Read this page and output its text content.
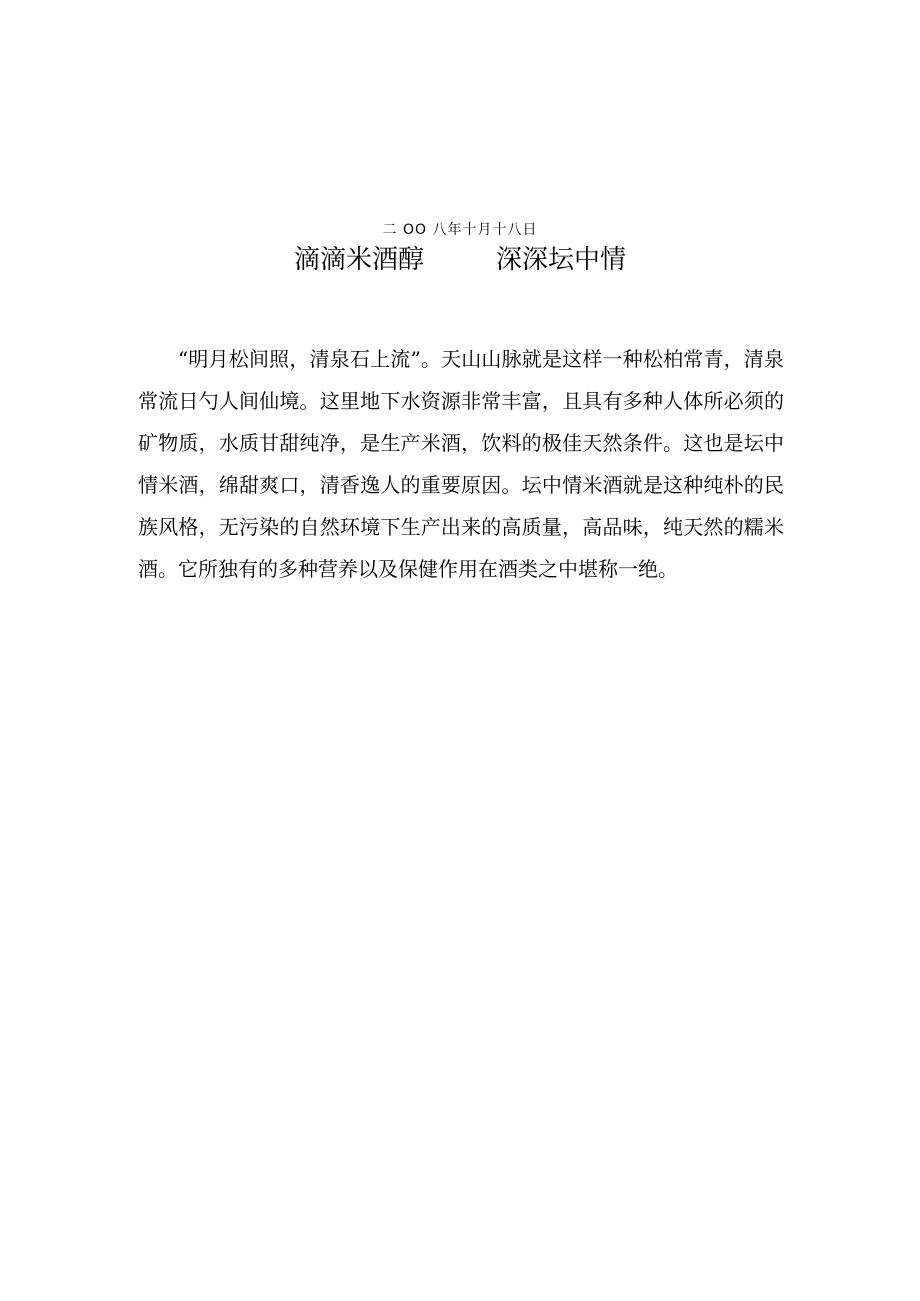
二 OO 八年十月十八日
滴滴米酒醇	深深坛中情

“明月松间照，清泉石上流”。天山山脉就是这样一种松柏常青，清泉常流日勺人间仙境。这里地下水资源非常丰富，且具有多种人体所必须的矿物质，水质甘甜纯净，是生产米酒，饮料的极佳天然条件。这也是坛中情米酒，绵甜爽口，清香逸人的重要原因。坛中情米酒就是这种纯朴的民族风格，无污染的自然环境下生产出来的高质量，高品味，纯天然的糯米酒。它所独有的多种营养以及保健作用在酒类之中堪称一绝。
